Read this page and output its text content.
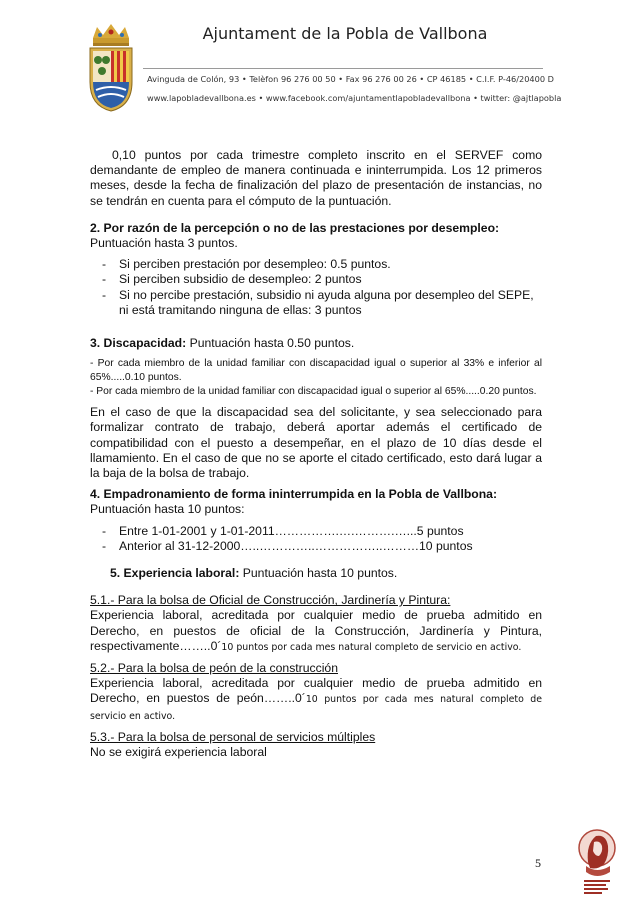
Ajuntament de la Pobla de Vallbona
Avinguda de Colón, 93 • Telèfon 96 276 00 50 • Fax 96 276 00 26 • CP 46185 • C.I.F. P-46/20400 D
www.lapobladevallbona.es • www.facebook.com/ajuntamentlapobladevallbona • twitter: @ajtlapobla

0,10 puntos por cada trimestre completo inscrito en el SERVEF como demandante de empleo de manera continuada e ininterrumpida. Los 12 primeros meses, desde la fecha de finalización del plazo de presentación de instancias, no se tendrán en cuenta para el cómputo de la puntuación.

2. Por razón de la percepción o no de las prestaciones por desempleo:

Puntuación hasta 3 puntos.

- Si perciben prestación por desempleo: 0.5 puntos.
- Si perciben subsidio de desempleo: 2 puntos
- Si no percibe prestación, subsidio ni ayuda alguna por desempleo del SEPE, ni está tramitando ninguna de ellas: 3 puntos

3. Discapacidad: Puntuación hasta 0.50 puntos.

- Por cada miembro de la unidad familiar con discapacidad igual o superior al 33% e inferior al 65%.....0.10 puntos.

- Por cada miembro de la unidad familiar con discapacidad igual o superior al 65%.....0.20 puntos.

En el caso de que la discapacidad sea del solicitante, y sea seleccionado para formalizar contrato de trabajo, deberá aportar además el certificado de compatibilidad con el puesto a desempeñar, en el plazo de 10 días desde el llamamiento. En el caso de que no se aporte el citado certificado, esto dará lugar a la baja de la bolsa de trabajo.

4. Empadronamiento de forma ininterrumpida en la Pobla de Vallbona:

Puntuación hasta 10 puntos:

- Entre 1-01-2001 y 1-01-2011…………….….……….…...5 puntos
- Anterior al 31-12-2000…..…………..……………..………10 puntos

5. Experiencia laboral: Puntuación hasta 10 puntos.

5.1.- Para la bolsa de Oficial de Construcción, Jardinería y Pintura:

Experiencia laboral, acreditada por cualquier medio de prueba admitido en Derecho, en puestos de oficial de la Construcción, Jardinería y Pintura, respectivamente……..0´10 puntos por cada mes natural completo de servicio en activo.

5.2.- Para la bolsa de peón de la construcción

Experiencia laboral, acreditada por cualquier medio de prueba admitido en Derecho, en puestos de peón……..0´10 puntos por cada mes natural completo de servicio en activo.

5.3.- Para la bolsa de personal de servicios múltiples

No se exigirá experiencia laboral

5
